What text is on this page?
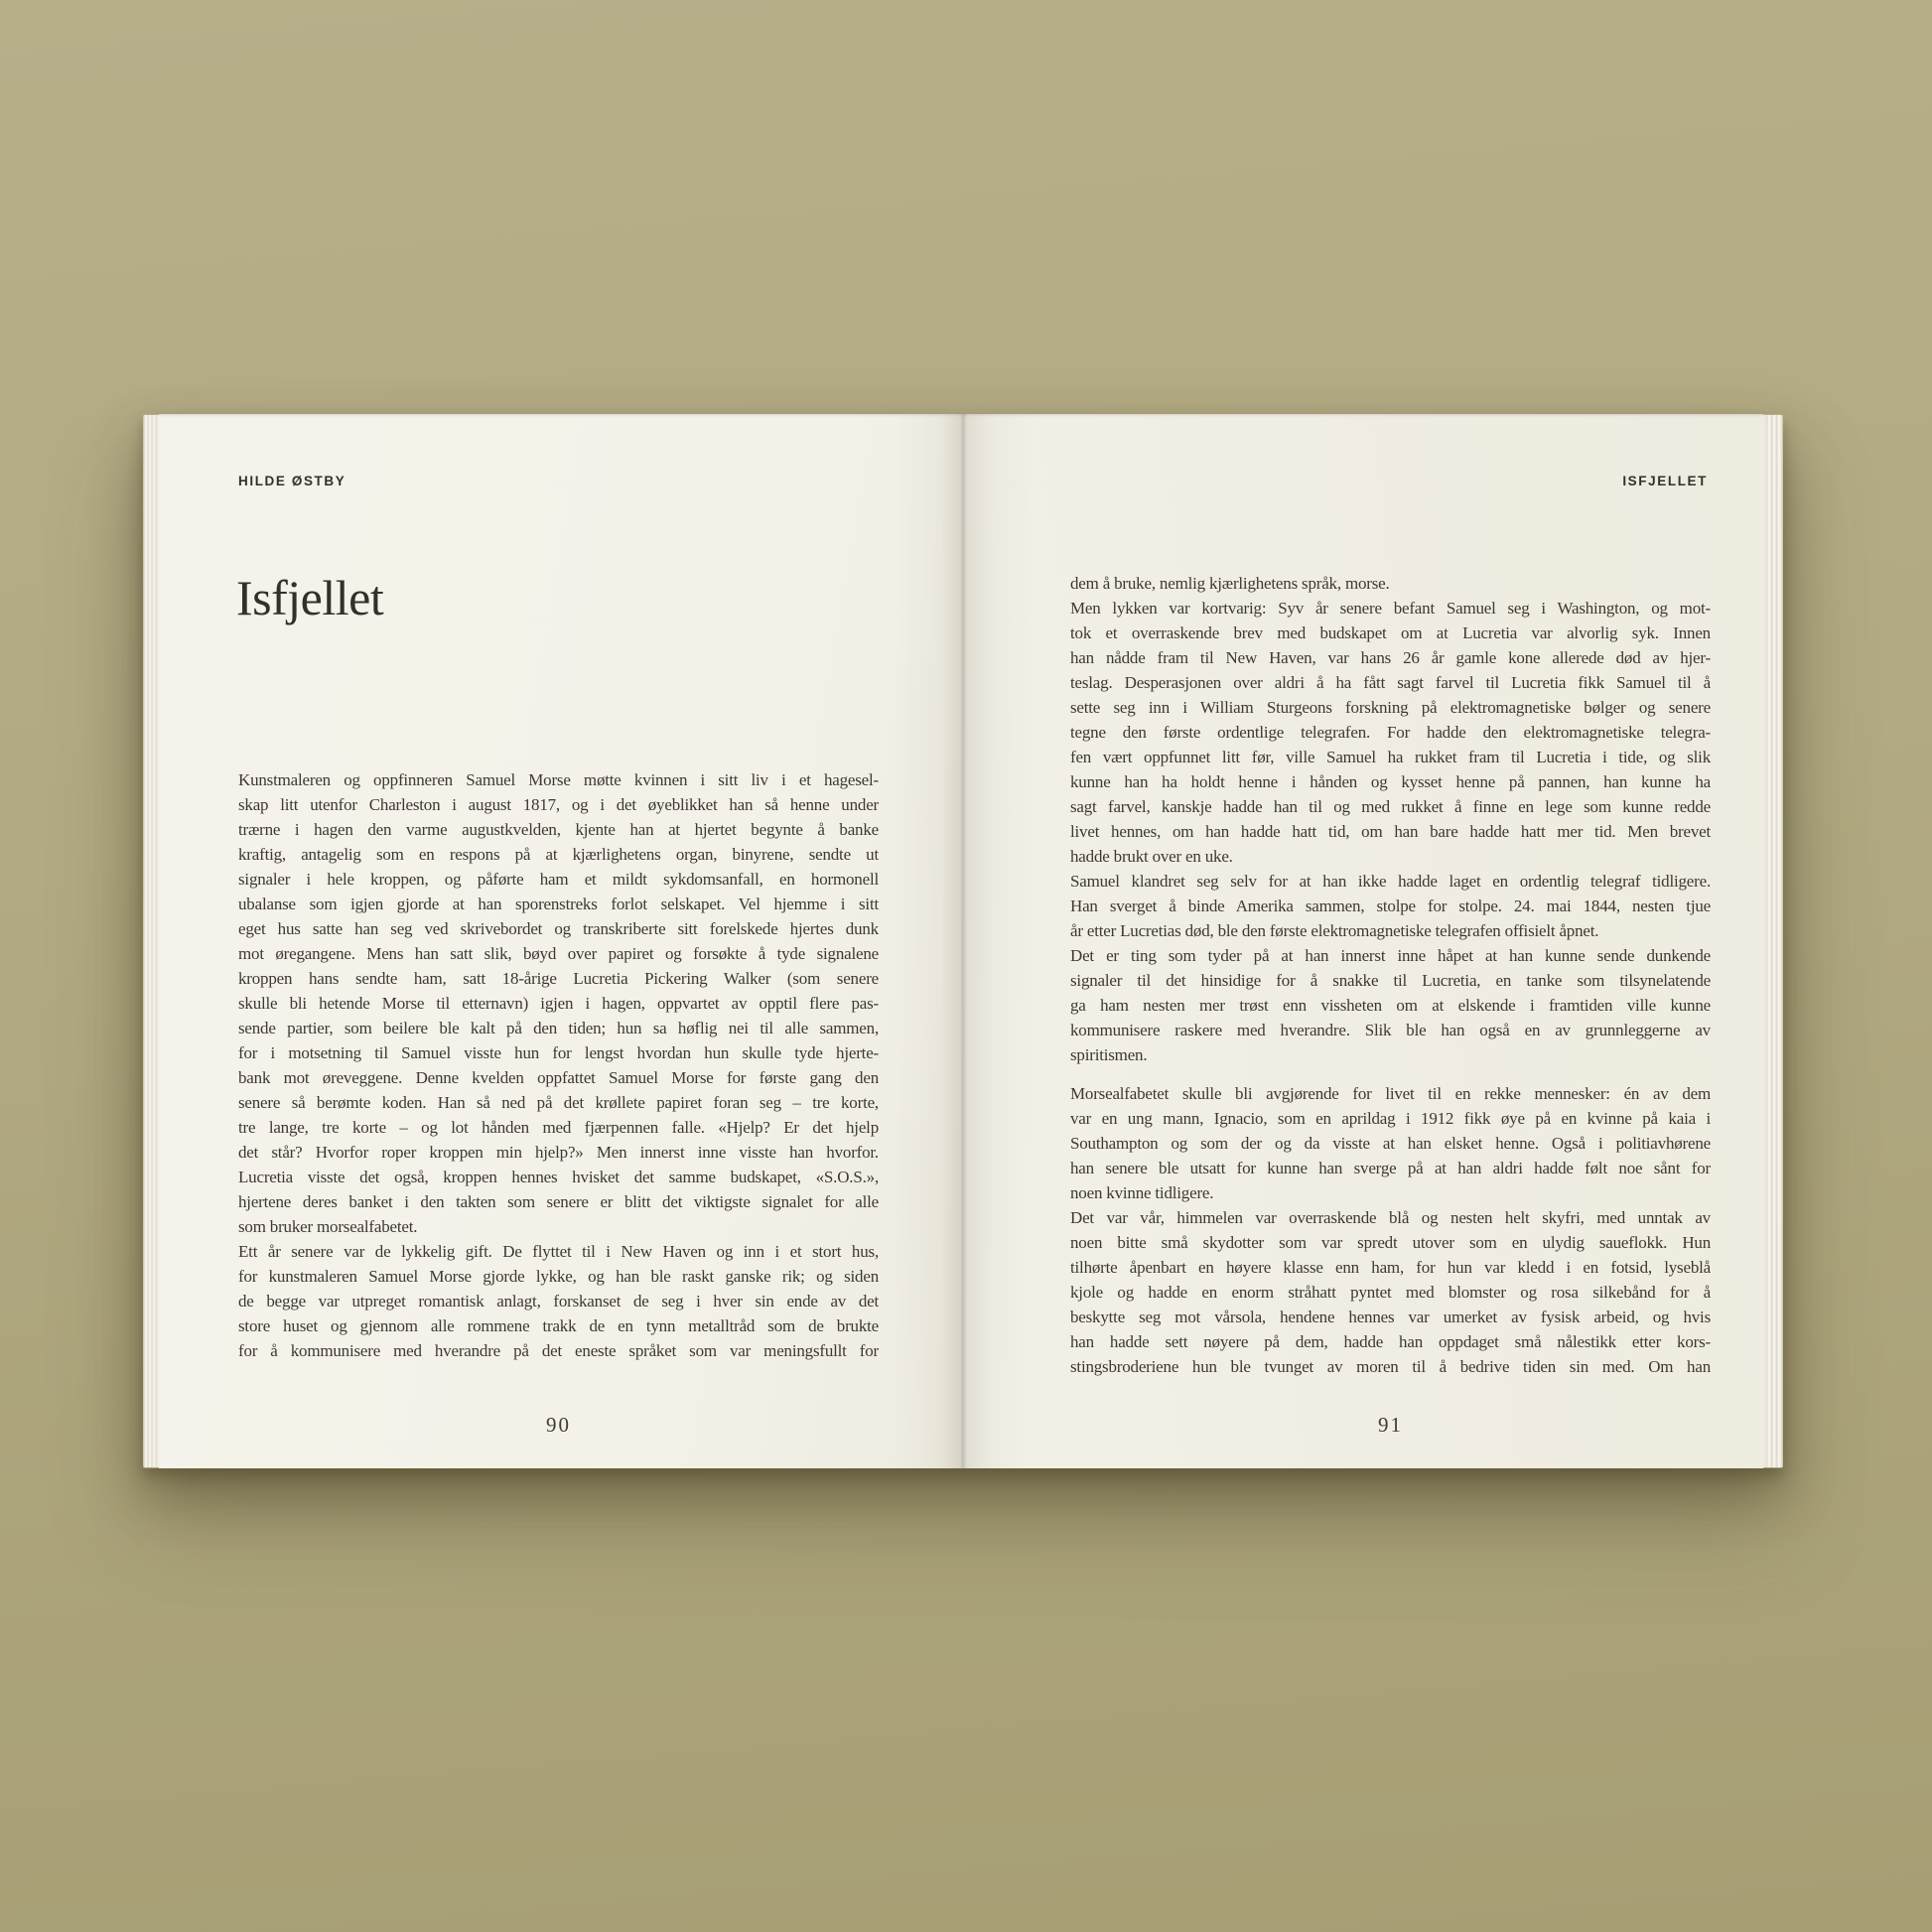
HILDE ØSTBY
Isfjellet
Kunstmaleren og oppfinneren Samuel Morse møtte kvinnen i sitt liv i et hagesel-
skap litt utenfor Charleston i august 1817, og i det øyeblikket han så henne under
trærne i hagen den varme augustkvelden, kjente han at hjertet begynte å banke
kraftig, antagelig som en respons på at kjærlighetens organ, binyrene, sendte ut
signaler i hele kroppen, og påførte ham et mildt sykdomsanfall, en hormonell
ubalanse som igjen gjorde at han sporenstreks forlot selskapet. Vel hjemme i sitt
eget hus satte han seg ved skrivebordet og transkriberte sitt forelskede hjertes dunk
mot øregangene. Mens han satt slik, bøyd over papiret og forsøkte å tyde signalene
kroppen hans sendte ham, satt 18-årige Lucretia Pickering Walker (som senere
skulle bli hetende Morse til etternavn) igjen i hagen, oppvartet av opptil flere pas-
sende partier, som beilere ble kalt på den tiden; hun sa høflig nei til alle sammen,
for i motsetning til Samuel visste hun for lengst hvordan hun skulle tyde hjerte-
bank mot øreveggene. Denne kvelden oppfattet Samuel Morse for første gang den
senere så berømte koden. Han så ned på det krøllete papiret foran seg – tre korte,
tre lange, tre korte – og lot hånden med fjærpennen falle. «Hjelp? Er det hjelp
det står? Hvorfor roper kroppen min hjelp?» Men innerst inne visste han hvorfor.
Lucretia visste det også, kroppen hennes hvisket det samme budskapet, «S.O.S.»,
hjertene deres banket i den takten som senere er blitt det viktigste signalet for alle
som bruker morsealfabetet.
Ett år senere var de lykkelig gift. De flyttet til i New Haven og inn i et stort hus,
for kunstmaleren Samuel Morse gjorde lykke, og han ble raskt ganske rik; og siden
de begge var utpreget romantisk anlagt, forskanset de seg i hver sin ende av det
store huset og gjennom alle rommene trakk de en tynn metalltråd som de brukte
for å kommunisere med hverandre på det eneste språket som var meningsfullt for
90
ISFJELLET
dem å bruke, nemlig kjærlighetens språk, morse.
Men lykken var kortvarig: Syv år senere befant Samuel seg i Washington, og mot-
tok et overraskende brev med budskapet om at Lucretia var alvorlig syk. Innen
han nådde fram til New Haven, var hans 26 år gamle kone allerede død av hjer-
teslag. Desperasjonen over aldri å ha fått sagt farvel til Lucretia fikk Samuel til å
sette seg inn i William Sturgeons forskning på elektromagnetiske bølger og senere
tegne den første ordentlige telegrafen. For hadde den elektromagnetiske telegra-
fen vært oppfunnet litt før, ville Samuel ha rukket fram til Lucretia i tide, og slik
kunne han ha holdt henne i hånden og kysset henne på pannen, han kunne ha
sagt farvel, kanskje hadde han til og med rukket å finne en lege som kunne redde
livet hennes, om han hadde hatt tid, om han bare hadde hatt mer tid. Men brevet
hadde brukt over en uke.
Samuel klandret seg selv for at han ikke hadde laget en ordentlig telegraf tidligere.
Han sverget å binde Amerika sammen, stolpe for stolpe. 24. mai 1844, nesten tjue
år etter Lucretias død, ble den første elektromagnetiske telegrafen offisielt åpnet.
Det er ting som tyder på at han innerst inne håpet at han kunne sende dunkende
signaler til det hinsidige for å snakke til Lucretia, en tanke som tilsynelatende
ga ham nesten mer trøst enn vissheten om at elskende i framtiden ville kunne
kommunisere raskere med hverandre. Slik ble han også en av grunnleggerne av
spiritismen.
Morsealfabetet skulle bli avgjørende for livet til en rekke mennesker: én av dem
var en ung mann, Ignacio, som en aprildag i 1912 fikk øye på en kvinne på kaia i
Southampton og som der og da visste at han elsket henne. Også i politiavhørene
han senere ble utsatt for kunne han sverge på at han aldri hadde følt noe sånt for
noen kvinne tidligere.
Det var vår, himmelen var overraskende blå og nesten helt skyfri, med unntak av
noen bitte små skydotter som var spredt utover som en ulydig saueflokk. Hun
tilhørte åpenbart en høyere klasse enn ham, for hun var kledd i en fotsid, lyseblå
kjole og hadde en enorm stråhatt pyntet med blomster og rosa silkebånd for å
beskytte seg mot vårsola, hendene hennes var umerket av fysisk arbeid, og hvis
han hadde sett nøyere på dem, hadde han oppdaget små nålestikk etter kors-
stingsbroderiene hun ble tvunget av moren til å bedrive tiden sin med. Om han
91
